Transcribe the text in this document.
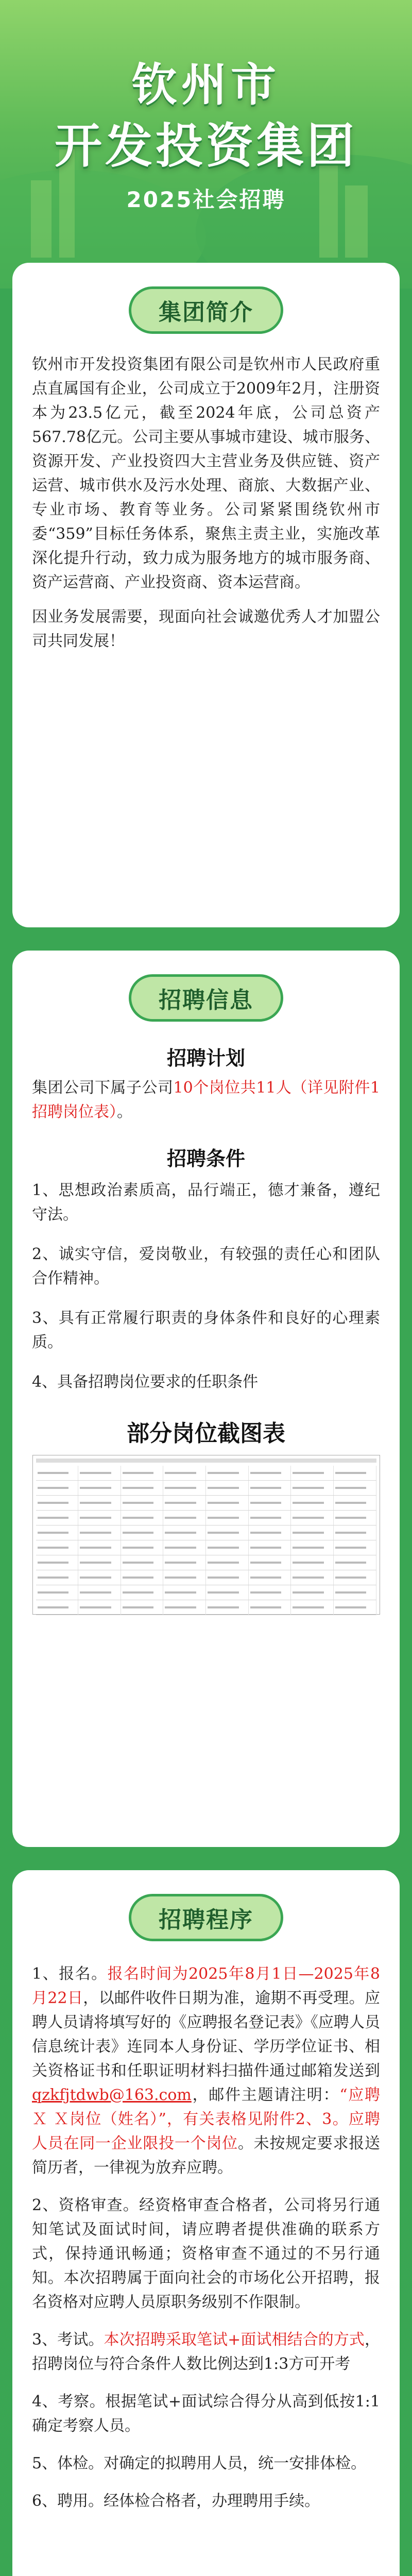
钦州市
开发投资集团
2025社会招聘
集团简介

钦州市开发投资集团有限公司是钦州市人民政府重点直属国有企业，公司成立于2009年2月，注册资本为23.5亿元，截至2024年底，公司总资产567.78亿元。公司主要从事城市建设、城市服务、资源开发、产业投资四大主营业务及供应链、资产运营、城市供水及污水处理、商旅、大数据产业、专业市场、教育等业务。公司紧紧围绕钦州市委“359”目标任务体系，聚焦主责主业，实施改革深化提升行动，致力成为服务地方的城市服务商、资产运营商、产业投资商、资本运营商。

因业务发展需要，现面向社会诚邀优秀人才加盟公司共同发展！

招聘信息

招聘计划

集团公司下属子公司10个岗位共11人（详见附件1招聘岗位表）。

招聘条件

1、思想政治素质高，品行端正，德才兼备，遵纪守法。

2、诚实守信，爱岗敬业，有较强的责任心和团队合作精神。

3、具有正常履行职责的身体条件和良好的心理素质。

4、具备招聘岗位要求的任职条件

部分岗位截图表

招聘程序

1、报名。报名时间为2025年8月1日—2025年8月22日，以邮件收件日期为准，逾期不再受理。应聘人员请将填写好的《应聘报名登记表》《应聘人员信息统计表》连同本人身份证、学历学位证书、相关资格证书和任职证明材料扫描件通过邮箱发送到qzkfjtdwb@163.com，邮件主题请注明：“应聘Ｘ Ｘ岗位（姓名）”，有关表格见附件2、3。应聘人员在同一企业限投一个岗位。未按规定要求报送简历者，一律视为放弃应聘。

2、资格审查。经资格审查合格者，公司将另行通知笔试及面试时间，请应聘者提供准确的联系方式，保持通讯畅通；资格审查不通过的不另行通知。本次招聘属于面向社会的市场化公开招聘，报名资格对应聘人员原职务级别不作限制。

3、考试。本次招聘采取笔试+面试相结合的方式，招聘岗位与符合条件人数比例达到1:3方可开考

4、考察。根据笔试+面试综合得分从高到低按1:1确定考察人员。

5、体检。对确定的拟聘用人员，统一安排体检。

6、聘用。经体检合格者，办理聘用手续。
